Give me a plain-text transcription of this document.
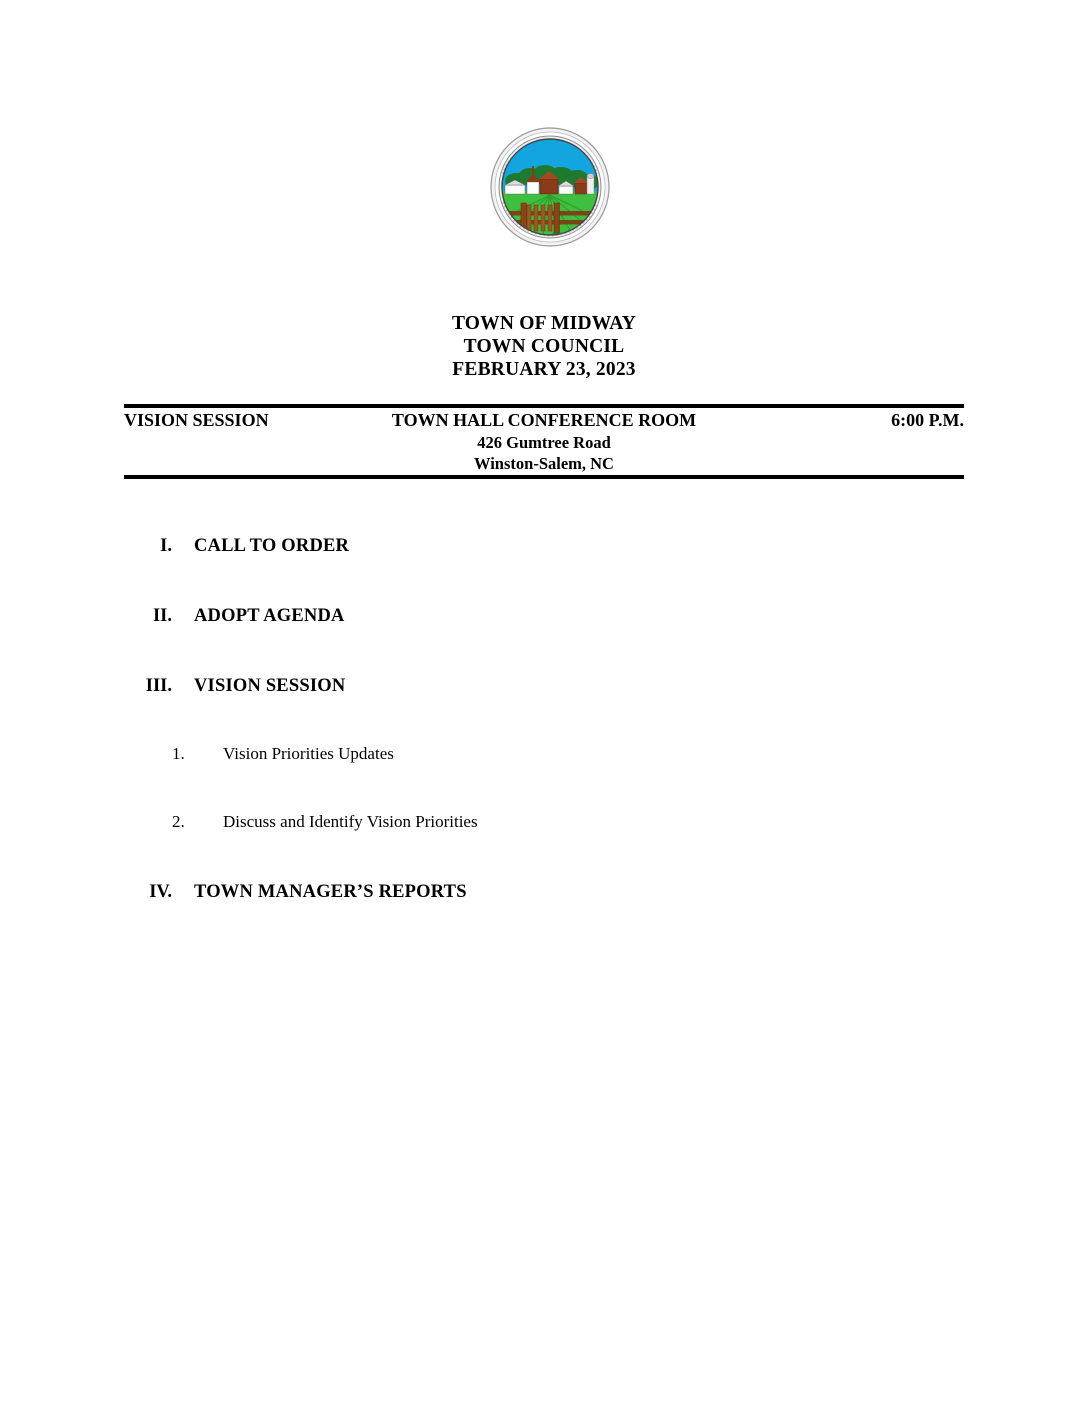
TOWN OF MIDWAY
TOWN COUNCIL
FEBRUARY 23, 2023
VISION SESSION	TOWN HALL CONFERENCE ROOM	6:00 P.M.
426 Gumtree Road
Winston-Salem, NC
I. CALL TO ORDER
II. ADOPT AGENDA
III. VISION SESSION
1.	Vision Priorities Updates
2.	Discuss and Identify Vision Priorities
IV. TOWN MANAGER’S REPORTS
